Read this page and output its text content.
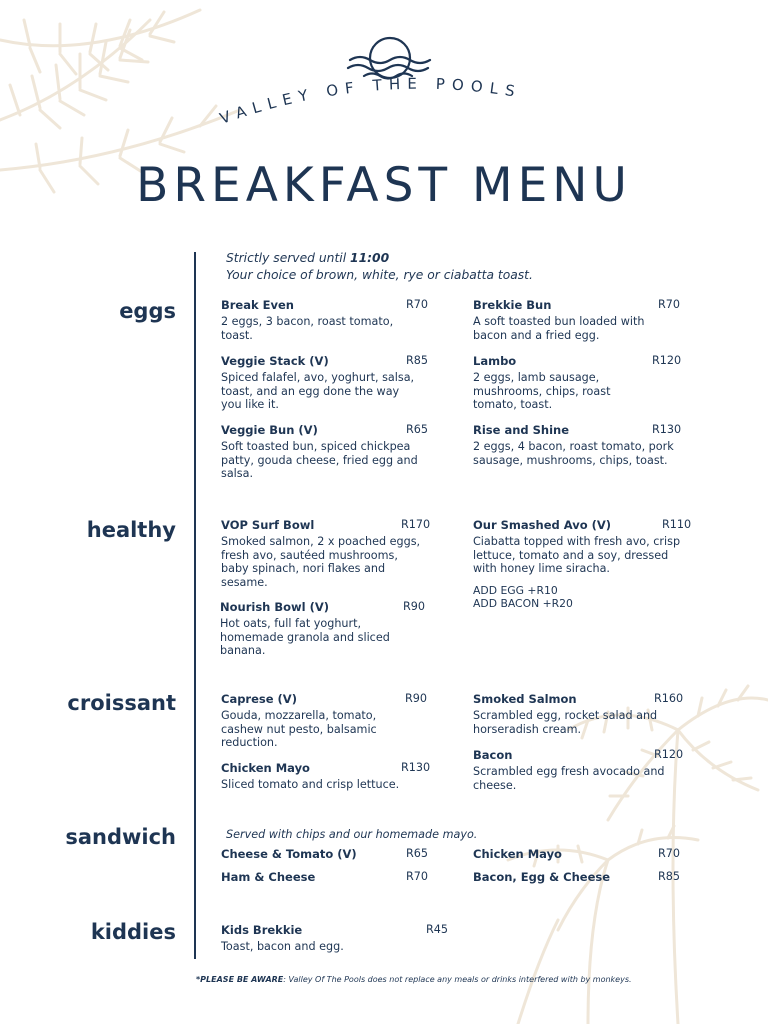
VALLEY OF THE POOLS
BREAKFAST MENU
Strictly served until 11:00
Your choice of brown, white, rye or ciabatta toast.
eggs
healthy
croissant
sandwich
kiddies
Break Even	R70
2 eggs, 3 bacon, roast tomato, toast.
Brekkie Bun	R70
A soft toasted bun loaded with bacon and a fried egg.
Veggie Stack (V)	R85
Spiced falafel, avo, yoghurt, salsa, toast, and an egg done the way you like it.
Lambo	R120
2 eggs, lamb sausage, mushrooms, chips, roast tomato, toast.
Veggie Bun (V)	R65
Soft toasted bun, spiced chickpea patty, gouda cheese, fried egg and salsa.
Rise and Shine	R130
2 eggs, 4 bacon, roast tomato, pork sausage, mushrooms, chips, toast.
VOP Surf Bowl	R170
Smoked salmon, 2 x poached eggs, fresh avo, sautéed mushrooms, baby spinach, nori flakes and sesame.
Our Smashed Avo (V)	R110
Ciabatta topped with fresh avo, crisp lettuce, tomato and a soy, dressed with honey lime siracha.
ADD EGG +R10
ADD BACON +R20
Nourish Bowl (V)	R90
Hot oats, full fat yoghurt, homemade granola and sliced banana.
Caprese (V)	R90
Gouda, mozzarella, tomato, cashew nut pesto, balsamic reduction.
Smoked Salmon	R160
Scrambled egg, rocket salad and horseradish cream.
Chicken Mayo	R130
Sliced tomato and crisp lettuce.
Bacon	R120
Scrambled egg fresh avocado and cheese.
Served with chips and our homemade mayo.
Cheese & Tomato (V)	R65	Chicken Mayo	R70
Ham & Cheese	R70	Bacon, Egg & Cheese	R85
Kids Brekkie	R45
Toast, bacon and egg.
*PLEASE BE AWARE: Valley Of The Pools does not replace any meals or drinks interfered with by monkeys.
